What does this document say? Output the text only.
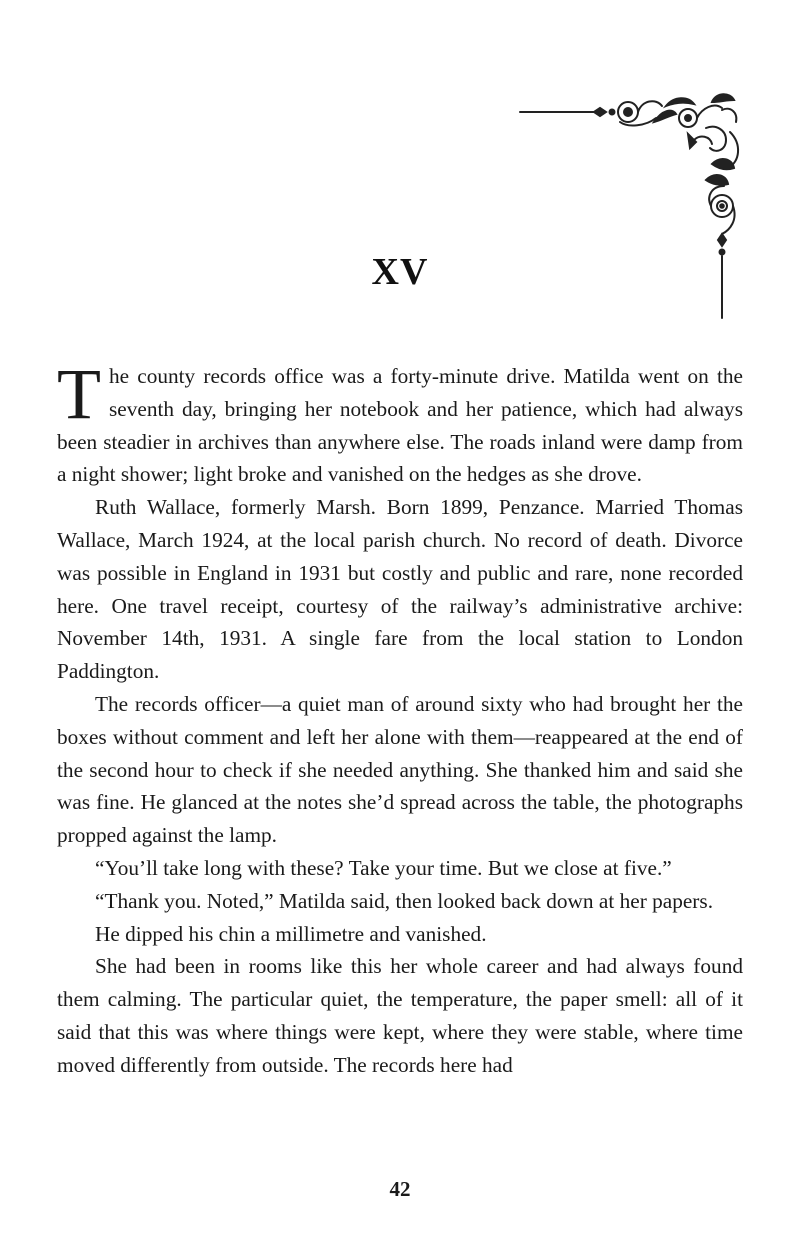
XV

The county records office was a forty-minute drive. Matilda went on the seventh day, bringing her notebook and her patience, which had always been steadier in archives than anywhere else. The roads inland were damp from a night shower; light broke and vanished on the hedges as she drove.

Ruth Wallace, formerly Marsh. Born 1899, Penzance. Married Thomas Wallace, March 1924, at the local parish church. No record of death. Divorce was possible in England in 1931 but costly and public and rare, none recorded here. One travel receipt, courtesy of the railway’s administrative archive: November 14th, 1931. A single fare from the local station to London Paddington.

The records officer—a quiet man of around sixty who had brought her the boxes without comment and left her alone with them—reappeared at the end of the second hour to check if she needed anything. She thanked him and said she was fine. He glanced at the notes she’d spread across the table, the photographs propped against the lamp.

“You’ll take long with these? Take your time. But we close at five.”

“Thank you. Noted,” Matilda said, then looked back down at her papers.

He dipped his chin a millimetre and vanished.

She had been in rooms like this her whole career and had always found them calming. The particular quiet, the temperature, the paper smell: all of it said that this was where things were kept, where they were stable, where time moved differently from outside. The records here had

42
